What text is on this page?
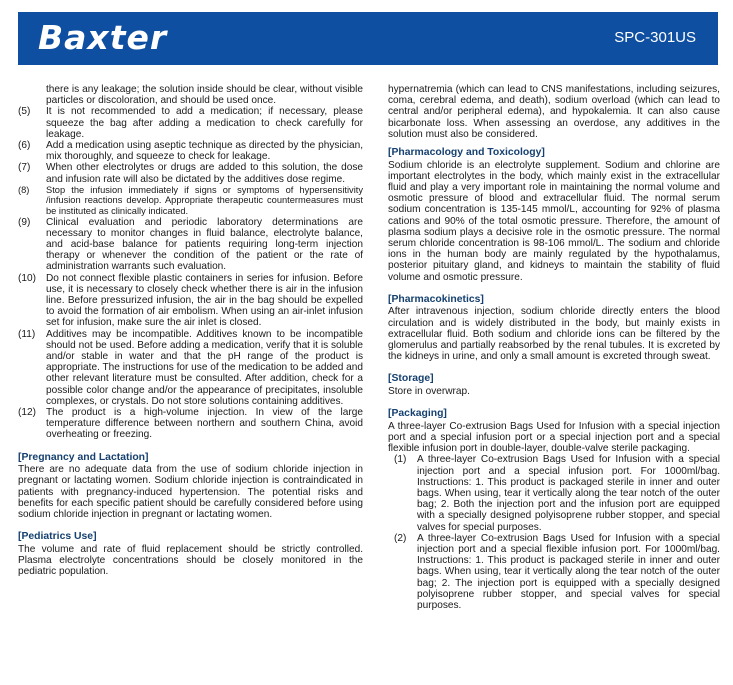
Baxter	SPC-301US

there is any leakage; the solution inside should be clear, without visible particles or discoloration, and should be used once.

(5) It is not recommended to add a medication; if necessary, please squeeze the bag after adding a medication to check carefully for leakage.
(6) Add a medication using aseptic technique as directed by the physician, mix thoroughly, and squeeze to check for leakage.
(7) When other electrolytes or drugs are added to this solution, the dose and infusion rate will also be dictated by the additives dose regime.
(8) Stop the infusion immediately if signs or symptoms of hypersensitivity /infusion reactions develop. Appropriate therapeutic countermeasures must be instituted as clinically indicated.
(9) Clinical evaluation and periodic laboratory determinations are necessary to monitor changes in fluid balance, electrolyte balance, and acid-base balance for patients requiring long-term injection therapy or whenever the condition of the patient or the rate of administration warrants such evaluation.
(10) Do not connect flexible plastic containers in series for infusion. Before use, it is necessary to closely check whether there is air in the infusion line. Before pressurized infusion, the air in the bag should be expelled to avoid the formation of air embolism. When using an air-inlet infusion set for infusion, make sure the air inlet is closed.
(11) Additives may be incompatible. Additives known to be incompatible should not be used. Before adding a medication, verify that it is soluble and/or stable in water and that the pH range of the product is appropriate. The instructions for use of the medication to be added and other relevant literature must be consulted. After addition, check for a possible color change and/or the appearance of precipitates, insoluble complexes, or crystals. Do not store solutions containing additives.
(12) The product is a high-volume injection. In view of the large temperature difference between northern and southern China, avoid overheating or freezing.
[Pregnancy and Lactation]

There are no adequate data from the use of sodium chloride injection in pregnant or lactating women. Sodium chloride injection is contraindicated in patients with pregnancy-induced hypertension. The potential risks and benefits for each specific patient should be carefully considered before using sodium chloride injection in pregnant or lactating women.

[Pediatrics Use]

The volume and rate of fluid replacement should be strictly controlled. Plasma electrolyte concentrations should be closely monitored in the pediatric population.

hypernatremia (which can lead to CNS manifestations, including seizures, coma, cerebral edema, and death), sodium overload (which can lead to central and/or peripheral edema), and hypokalemia. It can also cause bicarbonate loss. When assessing an overdose, any additives in the solution must also be considered.

[Pharmacology and Toxicology]

Sodium chloride is an electrolyte supplement. Sodium and chlorine are important electrolytes in the body, which mainly exist in the extracellular fluid and play a very important role in maintaining the normal volume and osmotic pressure of blood and extracellular fluid. The normal serum sodium concentration is 135-145 mmol/L, accounting for 92% of plasma cations and 90% of the total osmotic pressure. Therefore, the amount of plasma sodium plays a decisive role in the osmotic pressure. The normal serum chloride concentration is 98-106 mmol/L. The sodium and chloride ions in the human body are mainly regulated by the hypothalamus, posterior pituitary gland, and kidneys to maintain the stability of fluid volume and osmotic pressure.

[Pharmacokinetics]

After intravenous injection, sodium chloride directly enters the blood circulation and is widely distributed in the body, but mainly exists in extracellular fluid. Both sodium and chloride ions can be filtered by the glomerulus and partially reabsorbed by the renal tubules. It is excreted by the kidneys in urine, and only a small amount is excreted through sweat.

[Storage]

Store in overwrap.

[Packaging]

A three-layer Co-extrusion Bags Used for Infusion with a special injection port and a special infusion port or a special injection port and a special flexible infusion port in double-layer, double-valve sterile packaging.

(1) A three-layer Co-extrusion Bags Used for Infusion with a special injection port and a special infusion port. For 1000ml/bag. Instructions: 1. This product is packaged sterile in inner and outer bags. When using, tear it vertically along the tear notch of the outer bag; 2. Both the injection port and the infusion port are equipped with a specially designed polyisoprene rubber stopper, and special valves for special purposes.
(2) A three-layer Co-extrusion Bags Used for Infusion with a special injection port and a special flexible infusion port. For 1000ml/bag. Instructions: 1. This product is packaged sterile in inner and outer bags. When using, tear it vertically along the tear notch of the outer bag; 2. The injection port is equipped with a specially designed polyisoprene rubber stopper, and special valves for special purposes.
